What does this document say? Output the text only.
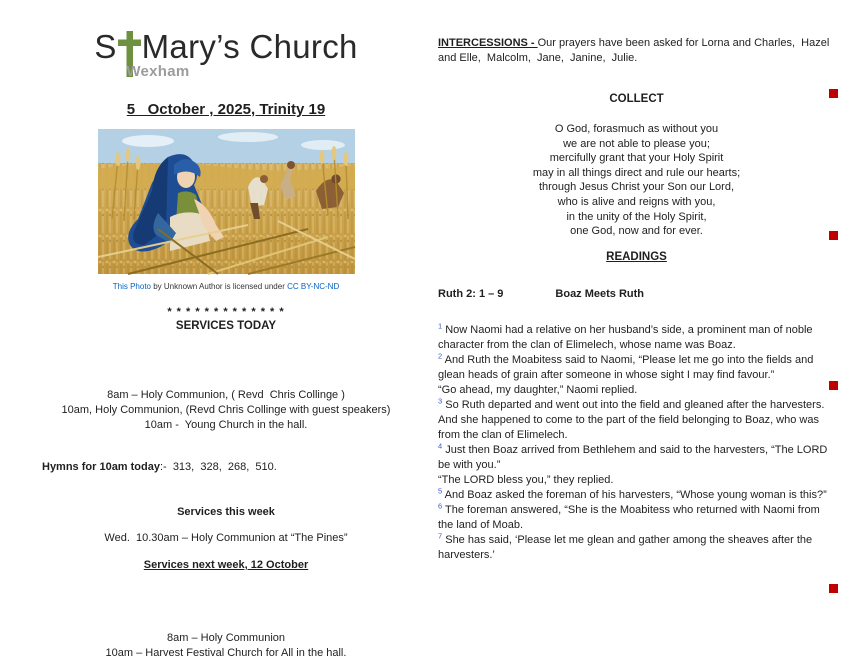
S Mary’s Church
Wexham
5   October , 2025, Trinity 19
This Photo by Unknown Author is licensed under CC BY-NC-ND
* * * * * * * * * * * * *
SERVICES TODAY

8am – Holy Communion, ( Revd  Chris Collinge )
10am, Holy Communion, (Revd Chris Collinge with guest speakers)
10am -  Young Church in the hall.
Hymns for 10am today:-  313,  328,  268,  510.
Services this week
Wed.  10.30am – Holy Communion at “The Pines”
Services next week, 12 October

8am – Holy Communion
10am – Harvest Festival Church for All in the hall.
INTERCESSIONS - Our prayers have been asked for Lorna and Charles,  Hazel and Elle,  Malcolm,  Jane,  Janine,  Julie.
COLLECT
O God, forasmuch as without you
we are not able to please you;
mercifully grant that your Holy Spirit
may in all things direct and rule our hearts;
through Jesus Christ your Son our Lord,
who is alive and reigns with you,
in the unity of the Holy Spirit,
one God, now and for ever.
READINGS
Ruth 2: 1 – 9	Boaz Meets Ruth
$^1$ Now Naomi had a relative on her husband’s side, a prominent man of noble character from the clan of Elimelech, whose name was Boaz.
$^2$ And Ruth the Moabitess said to Naomi, “Please let me go into the fields and glean heads of grain after someone in whose sight I may find favour.”
“Go ahead, my daughter,” Naomi replied.
$^3$ So Ruth departed and went out into the field and gleaned after the harvesters.
And she happened to come to the part of the field belonging to Boaz, who was from the clan of Elimelech.
$^4$ Just then Boaz arrived from Bethlehem and said to the harvesters, “The LORD be with you.”
“The LORD bless you,” they replied.
$^5$ And Boaz asked the foreman of his harvesters, “Whose young woman is this?”
$^6$ The foreman answered, “She is the Moabitess who returned with Naomi from the land of Moab.
$^7$ She has said, ‘Please let me glean and gather among the sheaves after the harvesters.’
